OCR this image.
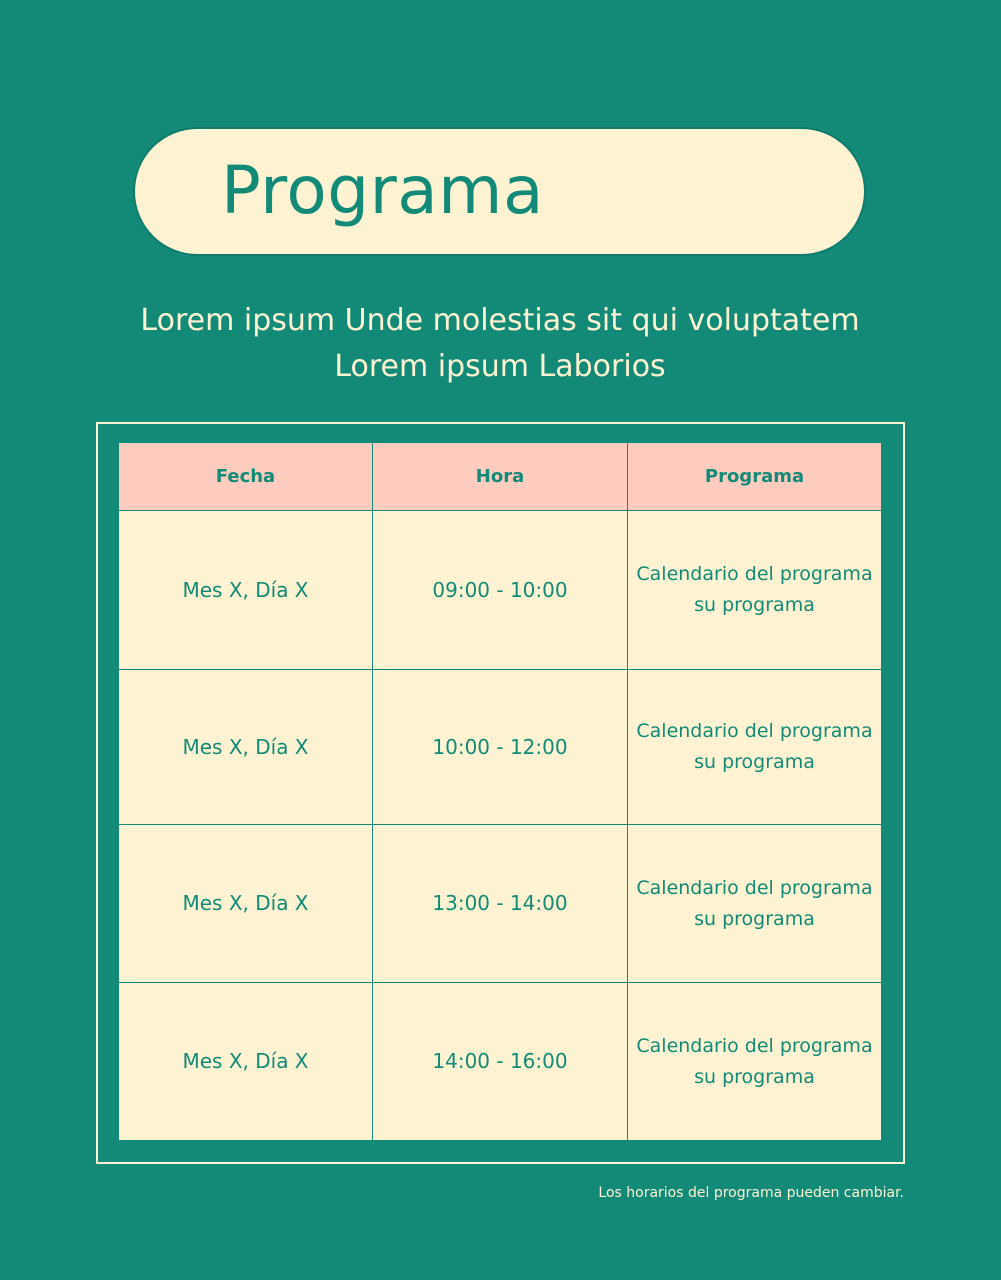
Programa
Lorem ipsum Unde molestias sit qui voluptatem
Lorem ipsum Laborios
Fecha	Hora	Programa
Mes X, Día X	09:00 - 10:00	Calendario del programa
su programa

Mes X, Día X	10:00 - 12:00	Calendario del programa
su programa

Mes X, Día X	13:00 - 14:00	Calendario del programa
su programa

Mes X, Día X	14:00 - 16:00	Calendario del programa
su programa
Los horarios del programa pueden cambiar.
